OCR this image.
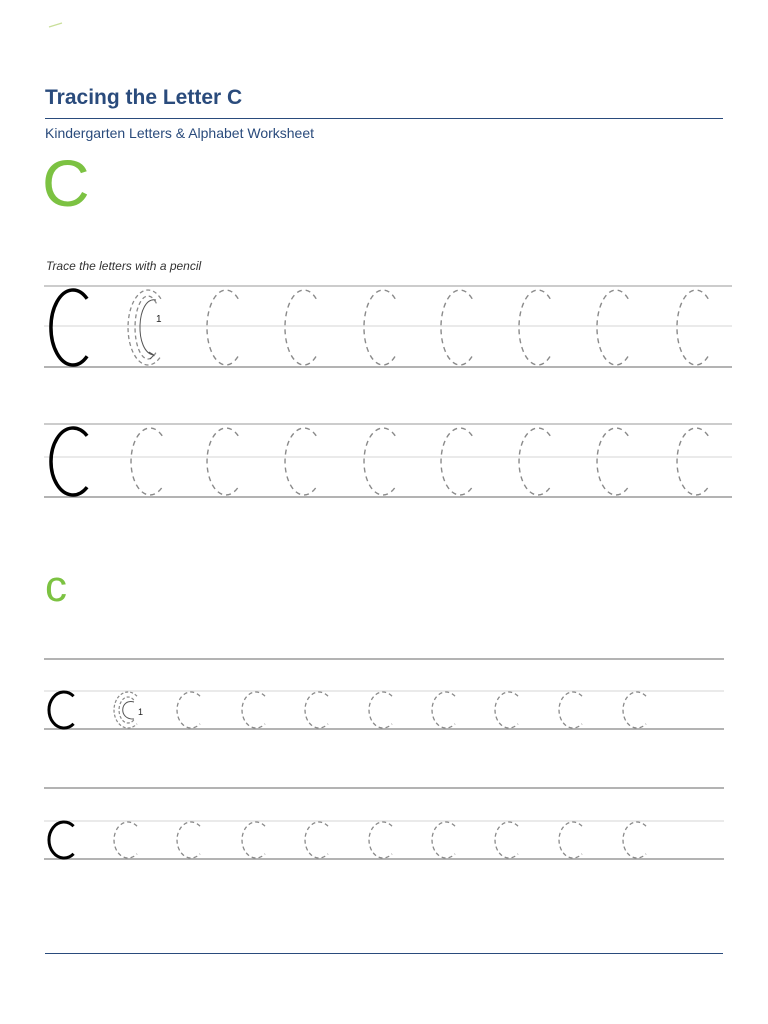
Tracing the Letter C
Kindergarten Letters & Alphabet Worksheet
C
Trace the letters with a pencil
c
1
1
